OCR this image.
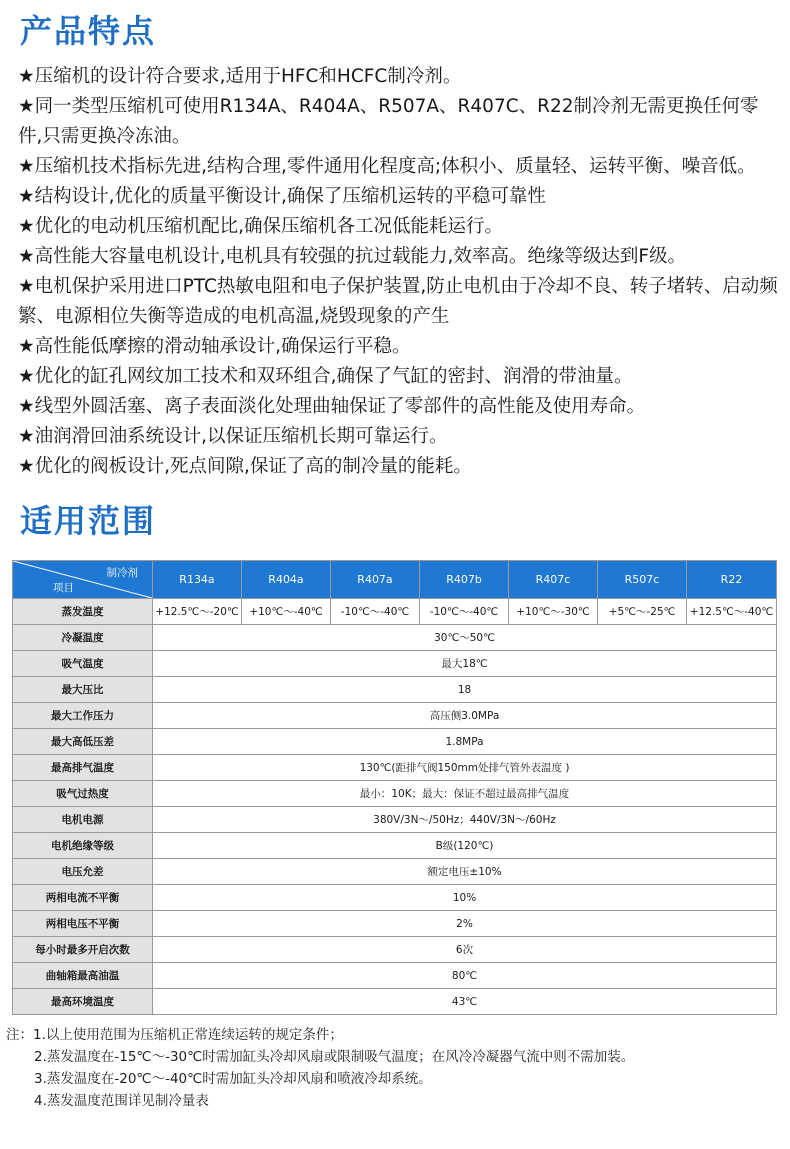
产品特点
★压缩机的设计符合要求,适用于HFC和HCFC制冷剂。
★同一类型压缩机可使用R134A、R404A、R507A、R407C、R22制冷剂无需更换任何零件,只需更换冷冻油。
★压缩机技术指标先进,结构合理,零件通用化程度高;体积小、质量轻、运转平衡、噪音低。
★结构设计,优化的质量平衡设计,确保了压缩机运转的平稳可靠性
★优化的电动机压缩机配比,确保压缩机各工况低能耗运行。
★高性能大容量电机设计,电机具有较强的抗过载能力,效率高。绝缘等级达到F级。
★电机保护采用进口PTC热敏电阻和电子保护装置,防止电机由于冷却不良、转子堵转、启动频繁、电源相位失衡等造成的电机高温,烧毁现象的产生
★高性能低摩擦的滑动轴承设计,确保运行平稳。
★优化的缸孔网纹加工技术和双环组合,确保了气缸的密封、润滑的带油量。
★线型外圆活塞、离子表面淡化处理曲轴保证了零部件的高性能及使用寿命。
★油润滑回油系统设计,以保证压缩机长期可靠运行。
★优化的阀板设计,死点间隙,保证了高的制冷量的能耗。
适用范围
制冷剂
项目	R134a	R404a	R407a	R407b	R407c	R507c	R22
蒸发温度	+12.5℃～-20℃	+10℃～-40℃	-10℃～-40℃	-10℃～-40℃	+10℃～-30℃	+5℃～-25℃	+12.5℃～-40℃
冷凝温度	30℃～50℃						
吸气温度	最大18℃						
最大压比	18						
最大工作压力	高压侧3.0MPa						
最大高低压差	1.8MPa						
最高排气温度	130℃(距排气阀150mm处排气管外表温度 )						
吸气过热度	最小：10K；最大：保证不超过最高排气温度						
电机电源	380V/3N～/50Hz；440V/3N～/60Hz						
电机绝缘等级	B级(120℃)						
电压允差	额定电压±10%						
两相电流不平衡	10%						
两相电压不平衡	2%						
每小时最多开启次数	6次						
曲轴箱最高油温	80℃						
最高环境温度	43℃						
注：1.以上使用范围为压缩机正常连续运转的规定条件；
2.蒸发温度在-15℃～-30℃时需加缸头冷却风扇或限制吸气温度；在风冷冷凝器气流中则不需加装。
3.蒸发温度在-20℃～-40℃时需加缸头冷却风扇和喷液冷却系统。
4.蒸发温度范围详见制冷量表
